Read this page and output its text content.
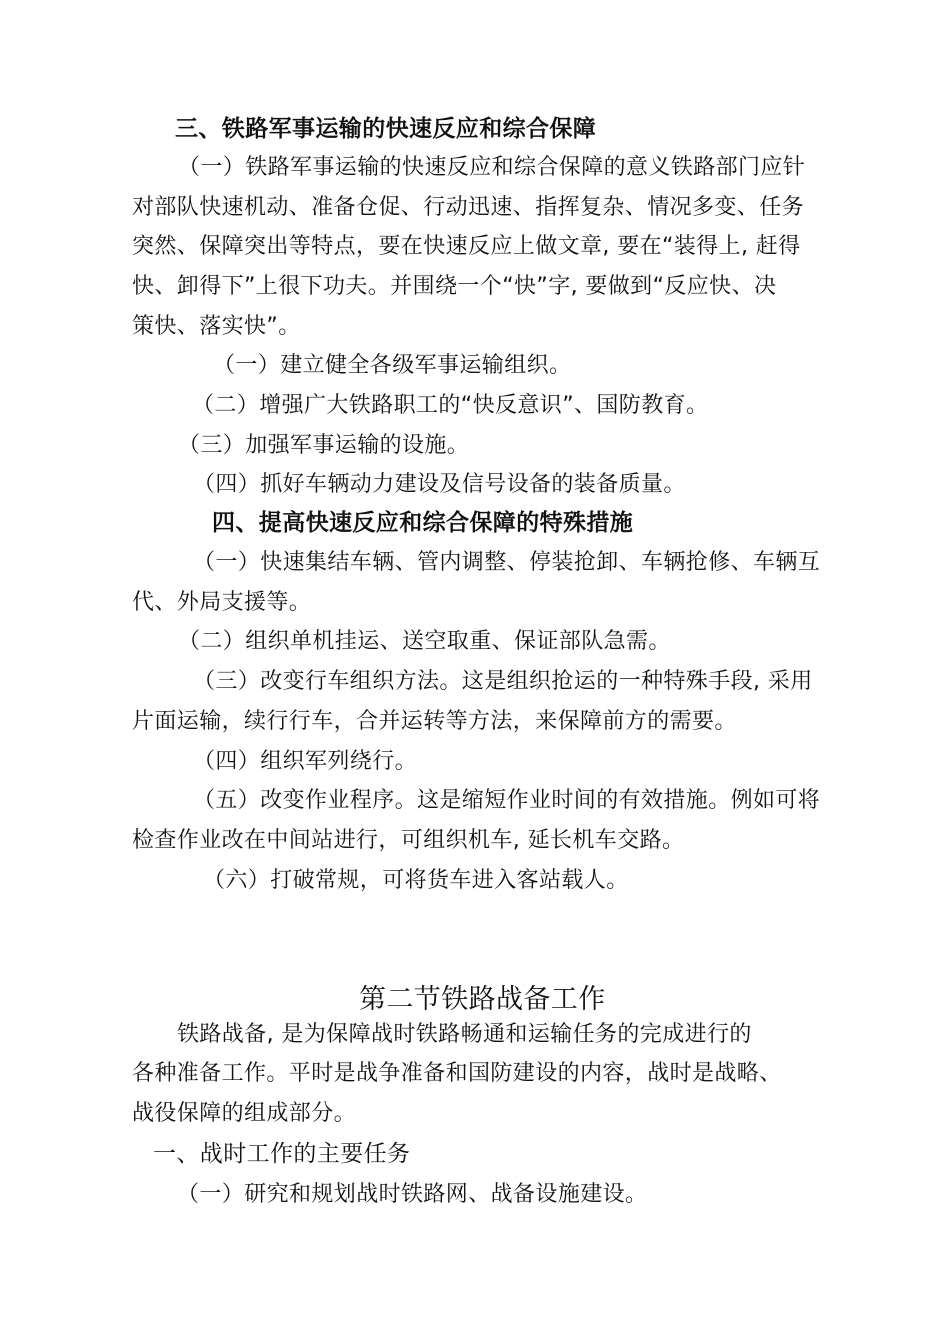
三、铁路军事运输的快速反应和综合保障
（一）铁路军事运输的快速反应和综合保障的意义铁路部门应针
对部队快速机动、准备仓促、行动迅速、指挥复杂、情况多变、任务
突然、保障突出等特点，要在快速反应上做文章, 要在“装得上, 赶得
快、卸得下”上很下功夫。并围绕一个“快”字, 要做到“反应快、决
策快、落实快”。
（一）建立健全各级军事运输组织。
（二）增强广大铁路职工的“快反意识”、国防教育。
（三）加强军事运输的设施。
（四）抓好车辆动力建设及信号设备的装备质量。
四、提高快速反应和综合保障的特殊措施
（一）快速集结车辆、管内调整、停装抢卸、车辆抢修、车辆互
代、外局支援等。
（二）组织单机挂运、送空取重、保证部队急需。
（三）改变行车组织方法。这是组织抢运的一种特殊手段, 采用
片面运输，续行行车，合并运转等方法，来保障前方的需要。
（四）组织军列绕行。
（五）改变作业程序。这是缩短作业时间的有效措施。例如可将
检查作业改在中间站进行，可组织机车, 延长机车交路。
（六）打破常规，可将货车进入客站载人。
第二节铁路战备工作
铁路战备, 是为保障战时铁路畅通和运输任务的完成进行的
各种准备工作。平时是战争准备和国防建设的内容，战时是战略、
战役保障的组成部分。
一、战时工作的主要任务
（一）研究和规划战时铁路网、战备设施建设。
